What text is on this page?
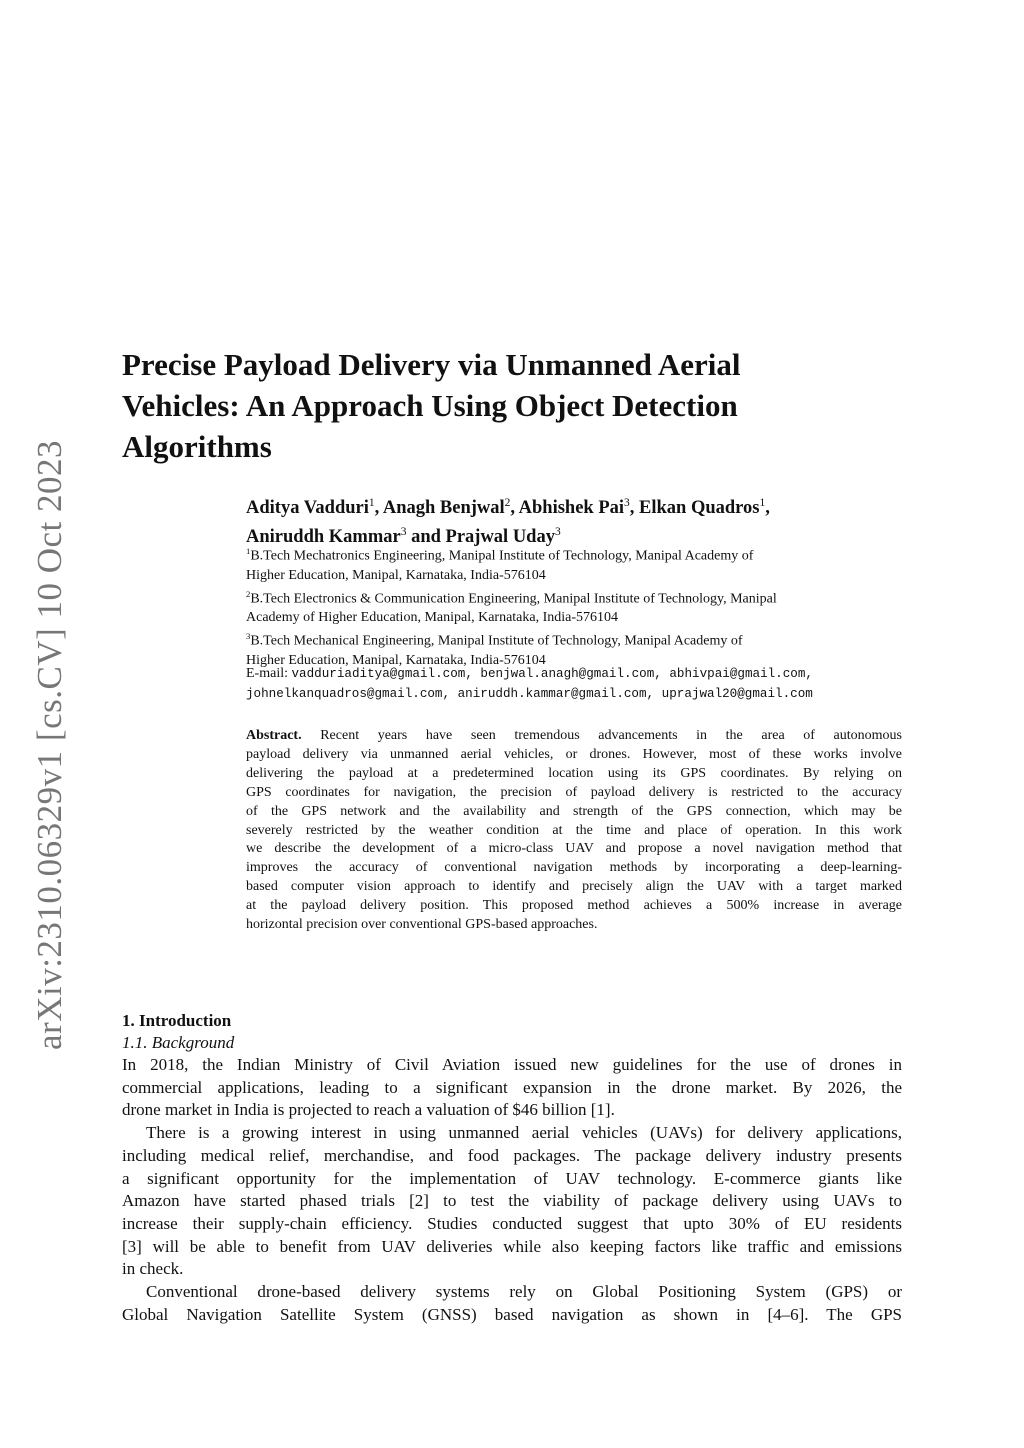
arXiv:2310.06329v1 [cs.CV] 10 Oct 2023
Precise Payload Delivery via Unmanned Aerial
Vehicles: An Approach Using Object Detection
Algorithms
Aditya Vadduri$^1$, Anagh Benjwal$^2$, Abhishek Pai$^3$, Elkan Quadros$^1$,
Aniruddh Kammar$^3$ and Prajwal Uday$^3$
$^1$B.Tech Mechatronics Engineering, Manipal Institute of Technology, Manipal Academy of
Higher Education, Manipal, Karnataka, India-576104
$^2$B.Tech Electronics & Communication Engineering, Manipal Institute of Technology, Manipal
Academy of Higher Education, Manipal, Karnataka, India-576104
$^3$B.Tech Mechanical Engineering, Manipal Institute of Technology, Manipal Academy of
Higher Education, Manipal, Karnataka, India-576104
E-mail: vadduriaditya@gmail.com, benjwal.anagh@gmail.com, abhivpai@gmail.com,
johnelkanquadros@gmail.com, aniruddh.kammar@gmail.com, uprajwal20@gmail.com
Abstract. Recent years have seen tremendous advancements in the area of autonomous
payload delivery via unmanned aerial vehicles, or drones. However, most of these works involve
delivering the payload at a predetermined location using its GPS coordinates. By relying on
GPS coordinates for navigation, the precision of payload delivery is restricted to the accuracy
of the GPS network and the availability and strength of the GPS connection, which may be
severely restricted by the weather condition at the time and place of operation. In this work
we describe the development of a micro-class UAV and propose a novel navigation method that
improves the accuracy of conventional navigation methods by incorporating a deep-learning-
based computer vision approach to identify and precisely align the UAV with a target marked
at the payload delivery position. This proposed method achieves a 500% increase in average
horizontal precision over conventional GPS-based approaches.
1. Introduction
1.1. Background
In 2018, the Indian Ministry of Civil Aviation issued new guidelines for the use of drones in
commercial applications, leading to a significant expansion in the drone market. By 2026, the
drone market in India is projected to reach a valuation of $46 billion [1].
There is a growing interest in using unmanned aerial vehicles (UAVs) for delivery applications,
including medical relief, merchandise, and food packages. The package delivery industry presents
a significant opportunity for the implementation of UAV technology. E-commerce giants like
Amazon have started phased trials [2] to test the viability of package delivery using UAVs to
increase their supply-chain efficiency. Studies conducted suggest that upto 30% of EU residents
[3] will be able to benefit from UAV deliveries while also keeping factors like traffic and emissions
in check.
Conventional drone-based delivery systems rely on Global Positioning System (GPS) or
Global Navigation Satellite System (GNSS) based navigation as shown in [4–6]. The GPS
